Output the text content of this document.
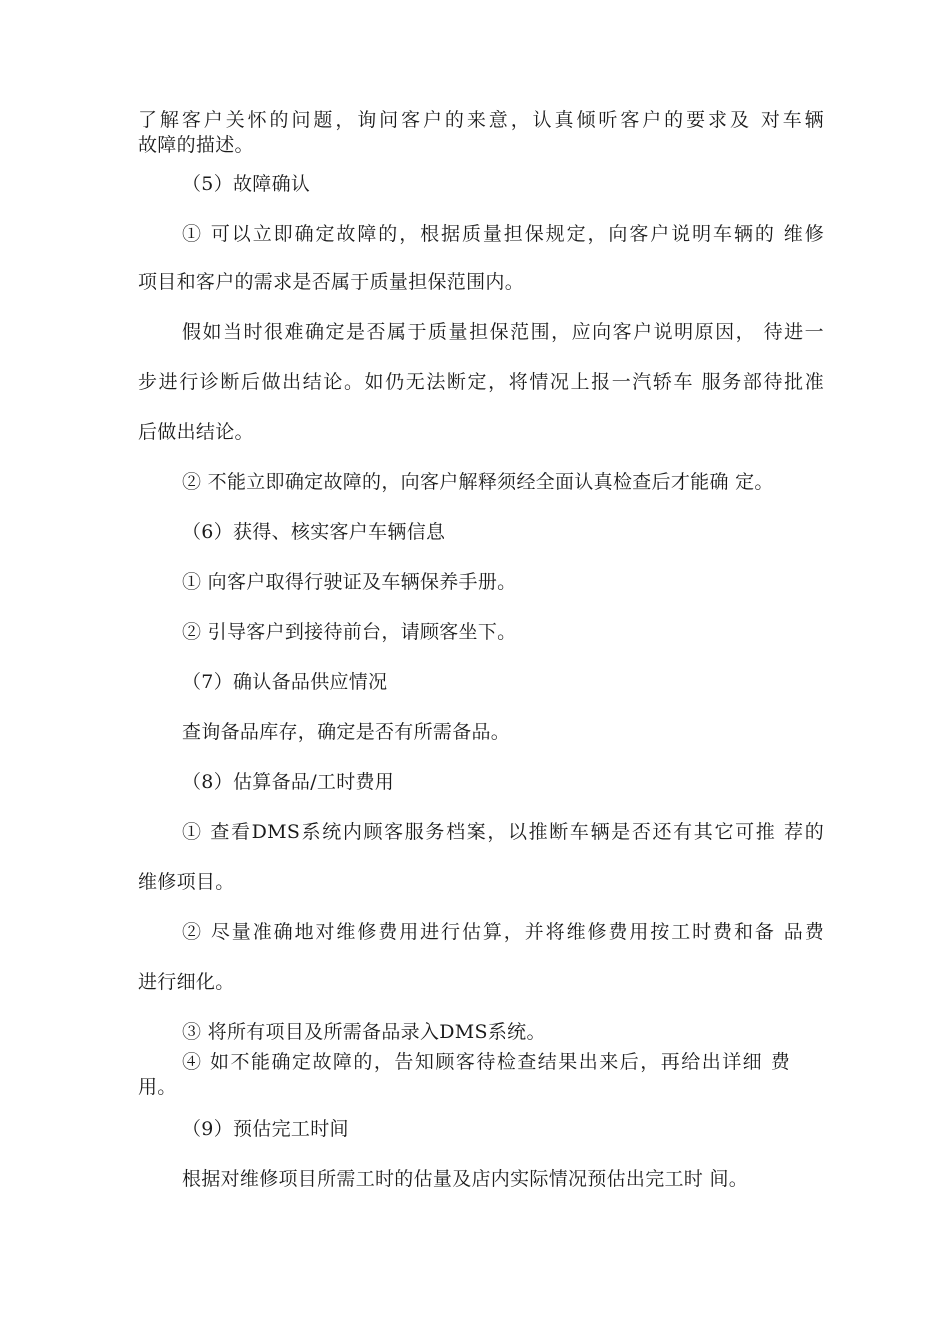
了解客户关怀的问题，询问客户的来意，认真倾听客户的要求及 对车辆
故障的描述。
（5）故障确认
① 可以立即确定故障的，根据质量担保规定，向客户说明车辆的 维修
项目和客户的需求是否属于质量担保范围内。
假如当时很难确定是否属于质量担保范围，应向客户说明原因， 待进一
步进行诊断后做出结论。如仍无法断定，将情况上报一汽轿车 服务部待批准
后做出结论。
② 不能立即确定故障的，向客户解释须经全面认真检查后才能确 定。
（6）获得、核实客户车辆信息
① 向客户取得行驶证及车辆保养手册。
② 引导客户到接待前台，请顾客坐下。
（7）确认备品供应情况
查询备品库存，确定是否有所需备品。
（8）估算备品/工时费用
① 查看DMS系统内顾客服务档案，以推断车辆是否还有其它可推 荐的
维修项目。
② 尽量准确地对维修费用进行估算，并将维修费用按工时费和备 品费
进行细化。
③ 将所有项目及所需备品录入DMS系统。
④ 如不能确定故障的，告知顾客待检查结果出来后，再给出详细 费
用。
（9）预估完工时间
根据对维修项目所需工时的估量及店内实际情况预估出完工时 间。
